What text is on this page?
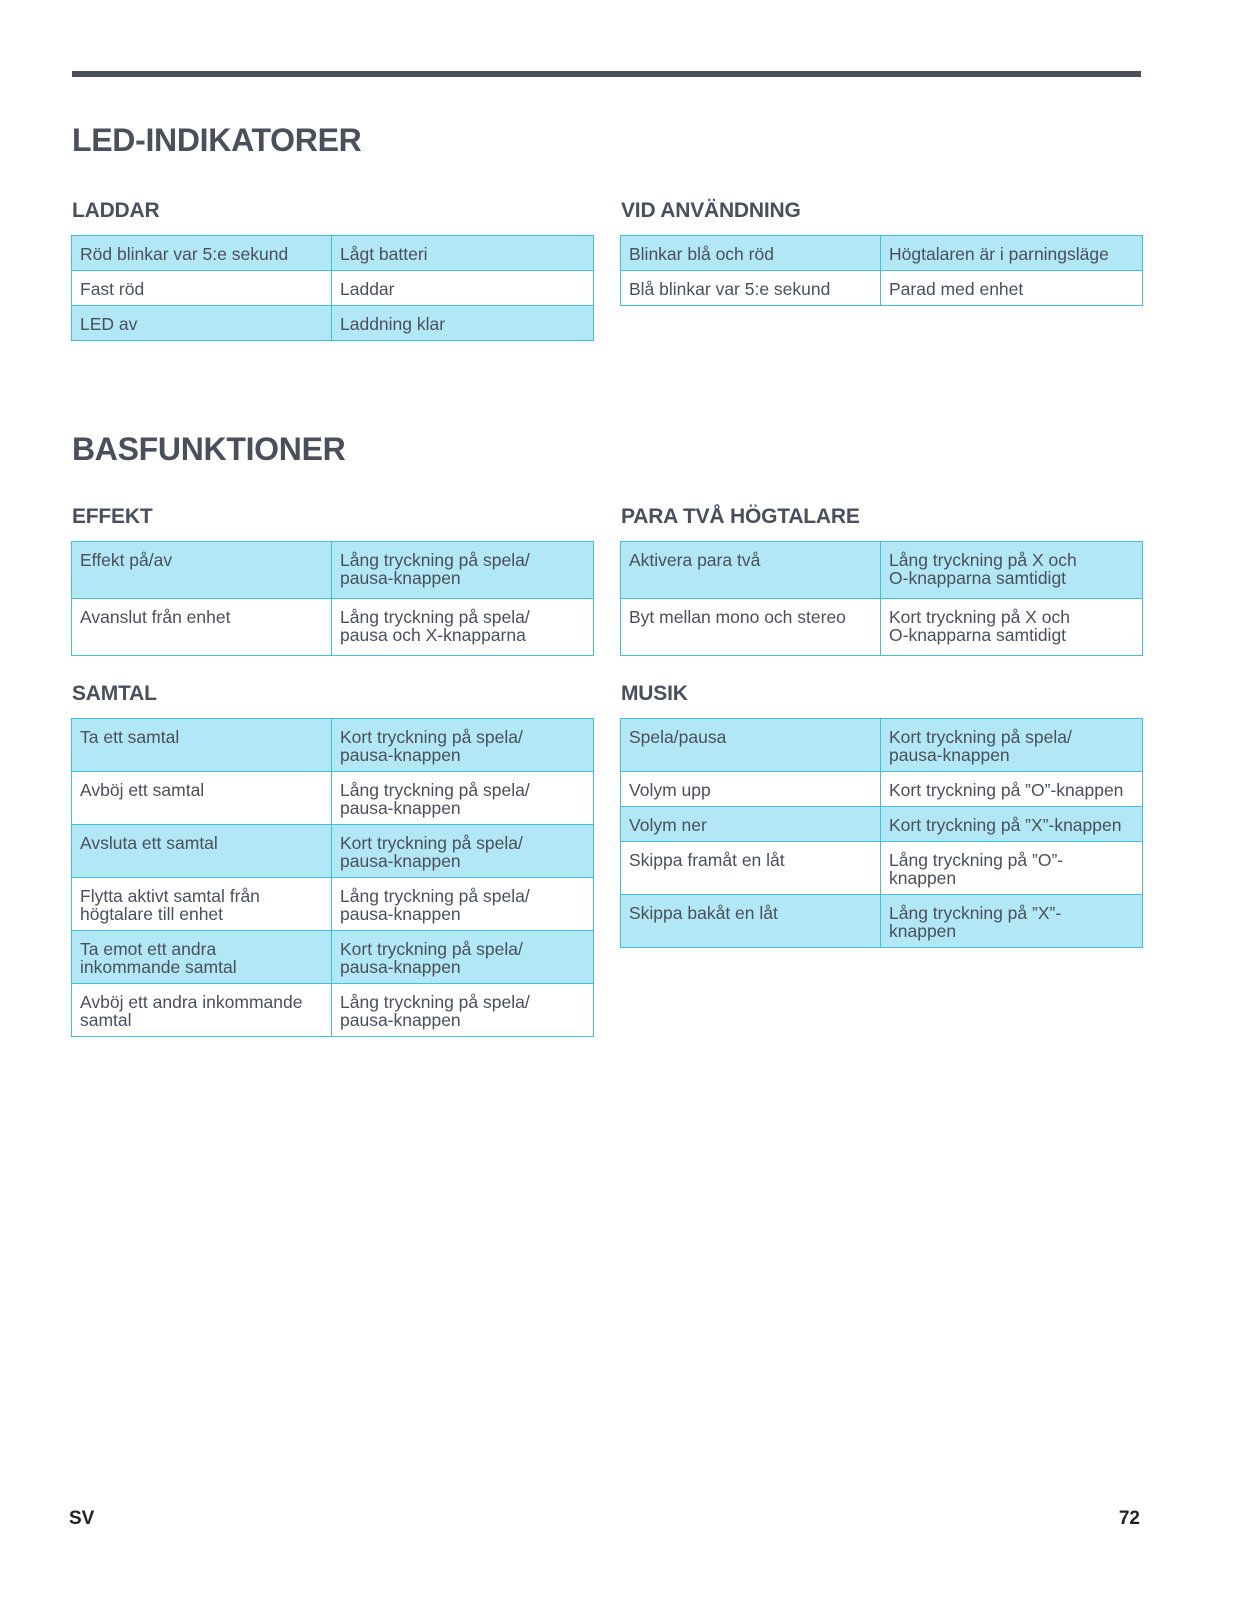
LED-INDIKATORER
LADDAR
Röd blinkar var 5:e sekund	Lågt batteri
Fast röd	Laddar
LED av	Laddning klar
VID ANVÄNDNING
Blinkar blå och röd	Högtalaren är i parningsläge
Blå blinkar var 5:e sekund	Parad med enhet
BASFUNKTIONER
EFFEKT
Effekt på/av	Lång tryckning på spela/
pausa-knappen
Avanslut från enhet	Lång tryckning på spela/
pausa och X-knapparna
PARA TVÅ HÖGTALARE
Aktivera para två	Lång tryckning på X och
O-knapparna samtidigt
Byt mellan mono och stereo	Kort tryckning på X och
O-knapparna samtidigt
SAMTAL
Ta ett samtal	Kort tryckning på spela/
pausa-knappen
Avböj ett samtal	Lång tryckning på spela/
pausa-knappen
Avsluta ett samtal	Kort tryckning på spela/
pausa-knappen
Flytta aktivt samtal från
högtalare till enhet	Lång tryckning på spela/
pausa-knappen
Ta emot ett andra
inkommande samtal	Kort tryckning på spela/
pausa-knappen
Avböj ett andra inkommande
samtal	Lång tryckning på spela/
pausa-knappen
MUSIK
Spela/pausa	Kort tryckning på spela/
pausa-knappen
Volym upp	Kort tryckning på ”O”-knappen
Volym ner	Kort tryckning på ”X”-knappen
Skippa framåt en låt	Lång tryckning på ”O”-
knappen
Skippa bakåt en låt	Lång tryckning på ”X”-
knappen
SV	72
